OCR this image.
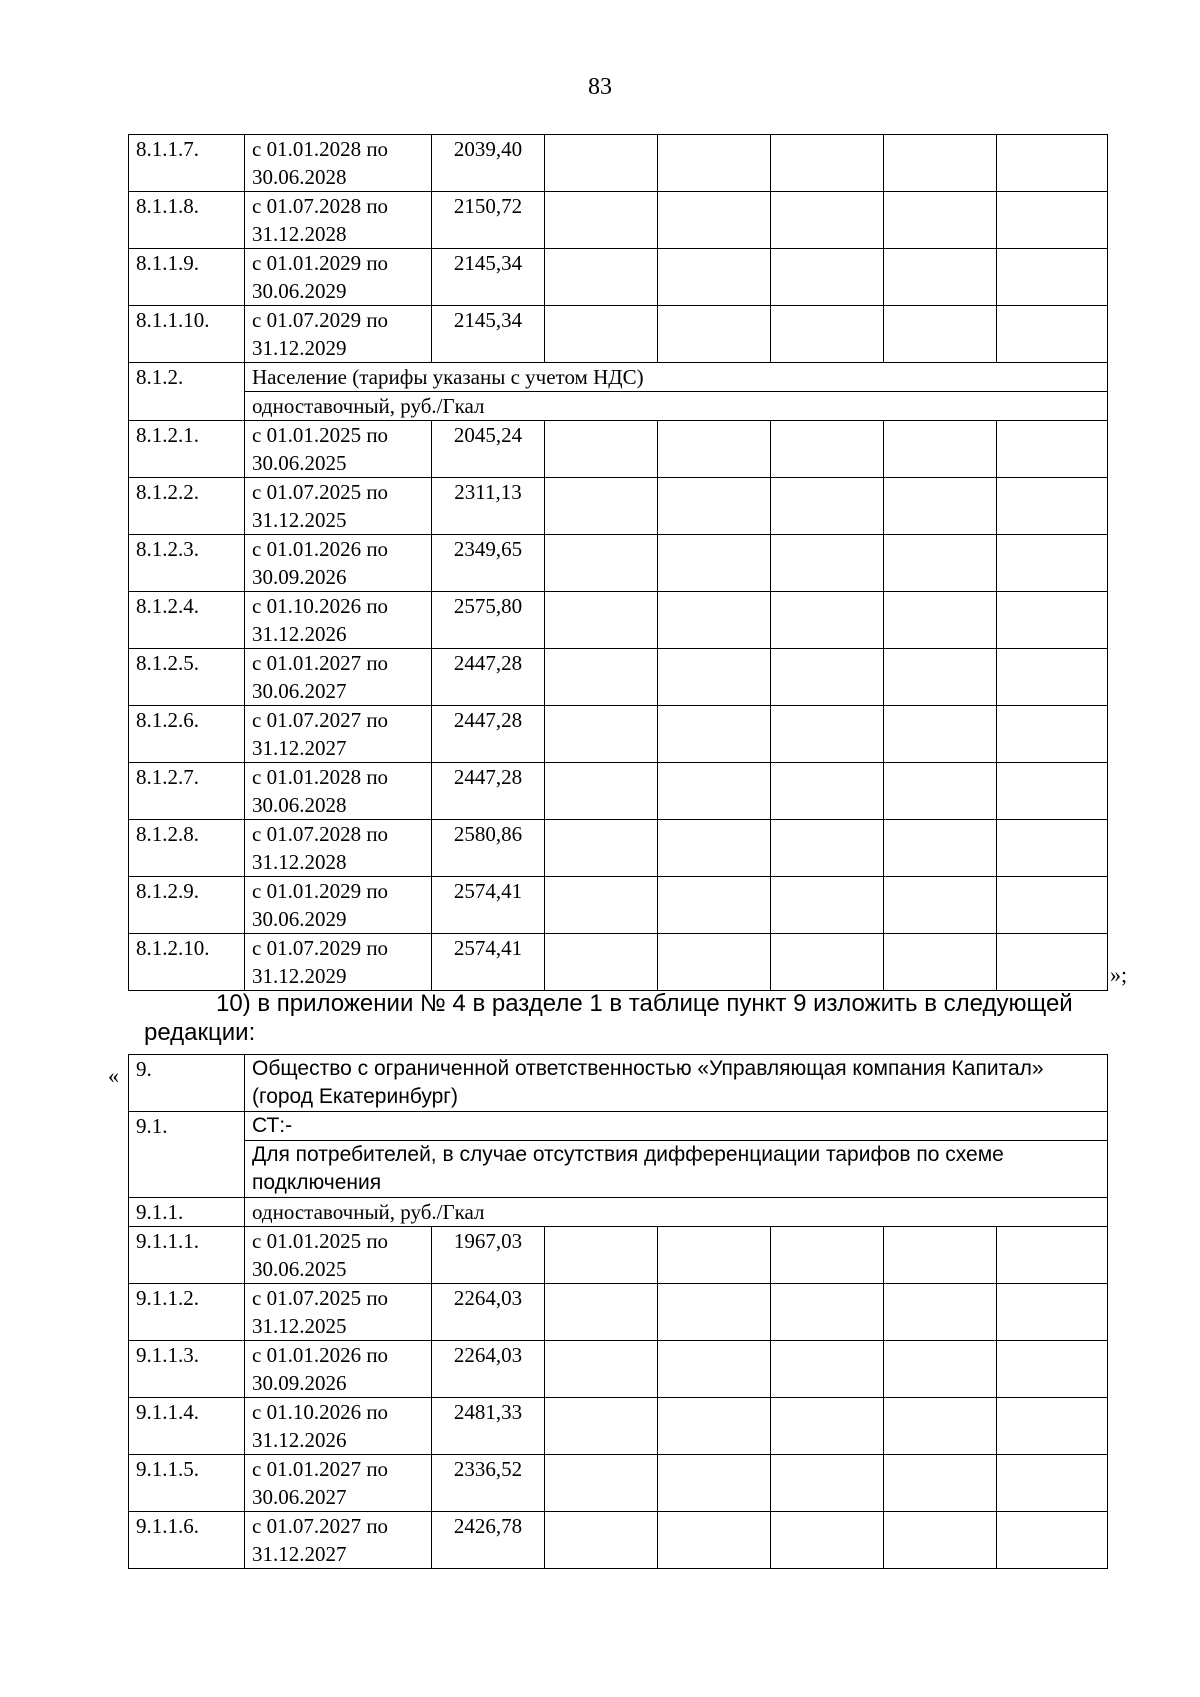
83
8.1.1.7.	с 01.01.2028 по 30.06.2028	2039,40					
8.1.1.8.	с 01.07.2028 по 31.12.2028	2150,72					
8.1.1.9.	с 01.01.2029 по 30.06.2029	2145,34					
8.1.1.10.	с 01.07.2029 по 31.12.2029	2145,34					
8.1.2.	Население (тарифы указаны с учетом НДС)						
	одноставочный, руб./Гкал						
8.1.2.1.	с 01.01.2025 по 30.06.2025	2045,24					
8.1.2.2.	с 01.07.2025 по 31.12.2025	2311,13					
8.1.2.3.	с 01.01.2026 по 30.09.2026	2349,65					
8.1.2.4.	с 01.10.2026 по 31.12.2026	2575,80					
8.1.2.5.	с 01.01.2027 по 30.06.2027	2447,28					
8.1.2.6.	с 01.07.2027 по 31.12.2027	2447,28					
8.1.2.7.	с 01.01.2028 по 30.06.2028	2447,28					
8.1.2.8.	с 01.07.2028 по 31.12.2028	2580,86					
8.1.2.9.	с 01.01.2029 по 30.06.2029	2574,41					
8.1.2.10.	с 01.07.2029 по 31.12.2029	2574,41					
»;
10) в приложении № 4 в разделе 1 в таблице пункт 9 изложить в следующей
редакции:
« 9.	Общество с ограниченной ответственностью «Управляющая компания Капитал» (город Екатеринбург)						
9.1.	СТ:-						
	Для потребителей, в случае отсутствия дифференциации тарифов по схеме подключения						
9.1.1.	одноставочный, руб./Гкал						
9.1.1.1.	с 01.01.2025 по 30.06.2025	1967,03					
9.1.1.2.	с 01.07.2025 по 31.12.2025	2264,03					
9.1.1.3.	с 01.01.2026 по 30.09.2026	2264,03					
9.1.1.4.	с 01.10.2026 по 31.12.2026	2481,33					
9.1.1.5.	с 01.01.2027 по 30.06.2027	2336,52					
9.1.1.6.	с 01.07.2027 по 31.12.2027	2426,78					
